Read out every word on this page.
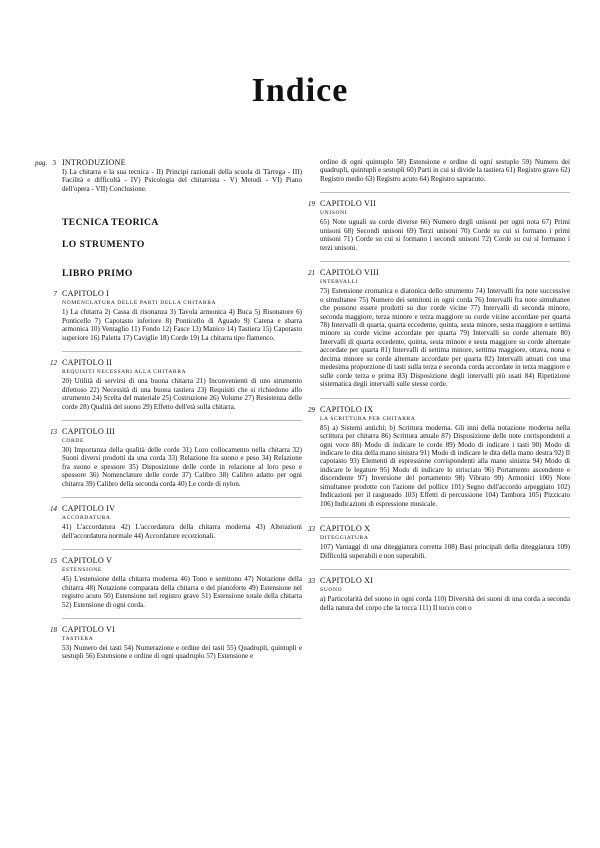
Indice
pag. 3 INTRODUZIONE
I) La chitarra e la sua tecnica - II) Principi razionali della scuola di Tàrrega - III) Facilità e difficoltà - IV) Psicologia del chitarrista - V) Metodi - VI) Piano dell'opera - VII) Conclusione.
TECNICA TEORICA
LO STRUMENTO
LIBRO PRIMO
7 CAPITOLO I
NOMENCLATURA DELLE PARTI DELLA CHITARRA
1) La chitarra 2) Cassa di risonanza 3) Tavola armonica 4) Buca 5) Risonatore 6) Ponticello 7) Capotasto inferiore 8) Ponticello di Aguado 9) Catena e sbarra armonica 10) Ventaglio 11) Fondo 12) Fasce 13) Manico 14) Tastiera 15) Capotasto superiore 16) Paletta 17) Caviglie 18) Corde 19) La chitarra tipo flamenco.
12 CAPITOLO II
REQUISITI NECESSARI ALLA CHITARRA
20) Utilità di servirsi di una buona chitarra 21) Inconvenienti di uno strumento difettoso 22) Necessità di una buona tastiera 23) Requisiti che si richiedono allo strumento 24) Scelta del materiale 25) Costruzione 26) Volume 27) Resistenza delle corde 28) Qualità del suono 29) Effetto dell'età sulla chitarra.
13 CAPITOLO III
CORDE
30) Importanza della qualità delle corde 31) Loro collocamento nella chitarra 32) Suoni diversi prodotti da una corda 33) Relazione fra suono e peso 34) Relazione fra suono e spessore 35) Disposizione delle corde in relazione al loro peso e spessore 36) Nomenclature delle corde 37) Calibro 38) Calibro adatto per ogni chitarra 39) Calibro della seconda corda 40) Le corde di nylon.
14 CAPITOLO IV
ACCORDATURA
41) L'accordatura 42) L'accordatura della chitarra moderna 43) Alterazioni dell'accordatura normale 44) Accordature eccezionali.
15 CAPITOLO V
ESTENSIONE
45) L'estensione della chitarra moderna 46) Tono e semitono 47) Notazione della chitarra 48) Notazione comparata della chitarra e del pianoforte 49) Estensione nel registro acuto 50) Estensione nel registro grave 51) Estensione totale della chitarra 52) Estensione di ogni corda.
18 CAPITOLO VI
TASTIERA
53) Numero dei tasti 54) Numerazione e ordine dei tasti 55) Quadrupli, quintupli e sestupli 56) Estensione e ordine di ogni quadruplo 57) Estensione e
ordine di ogni quintuplo 58) Estensione e ordine di ogni sestuplo 59) Numero dei quadrupli, quintupli e sestupli 60) Parti in cui si divide la tastiera 61) Registro grave 62) Registro medio 63) Registro acuto 64) Registro sapracuto.
19 CAPITOLO VII
UNISONI
65) Note uguali su corde diverse 66) Numero degli unisoni per ogni nota 67) Primi unisoni 68) Secondi unisoni 69) Terzi unisoni 70) Corde su cui si formano i primi unisoni 71) Corde su cui si formano i secondi unisoni 72) Corde su cui si formano i terzi unisoni.
21 CAPITOLO VIII
INTERVALLI
73) Estensione cromatica e diatonica dello strumento 74) Intervalli fra note successive o simultanee 75) Numero dei semitoni in ogni corda 76) Intervalli fra note simultanee che possono essere prodotti su due corde vicine 77) Intervalli di seconda minore, seconda maggiore, terza minore e terza maggiore su corde vicine accordate per quarta 78) Intervalli di quarta, quarta eccedente, quinta, sesta minore, sesta maggiore e settima minore su corde vicine accordate per quarta 79) Intervalli su corde alternate 80) Intervalli di quarta eccedente, quinta, sesta minore e sesta maggiore su corde alternate accordate per quarta 81) Intervalli di settima minore, settima maggiore, ottava, nona e decima minore su corde alternate accordate per quarta 82) Intervalli attuati con una medesima proporzione di tasti sulla terza e seconda corda accordate in terza maggiore e sulle corde terza e prima 83) Disposizione degli intervalli più usati 84) Ripetizione sistematica degli intervalli sulle stesse corde.
29 CAPITOLO IX
LA SCRITTURA PER CHITARRA
85) a) Sistemi antichi; b) Scrittura moderna. Gli inni della notazione moderna nella scrittura per chitarra 86) Scrittura attuale 87) Disposizione delle note corrispondenti a ogni voce 88) Modo di indicare le corde 89) Modo di indicare i tasti 90) Modo di indicare le dita della mano sinistra 91) Modo di indicare le dita della mano destra 92) Il capotasto 93) Elementi di espressione corrispondenti alla mano sinistra 94) Modo di indicare le legature 95) Modo di indicare lo strisciato 96) Portamento ascendente e discendente 97) Inversione del portamento 98) Vibrato 99) Armonici 100) Note simultanee prodotte con l'azione del pollice 101) Segno dell'accordo arpeggiato 102) Indicazioni per il rasgueado 103) Effetti di percussione 104) Tambora 105) Pizzicato 106) Indicazioni di espressione musicale.
33 CAPITOLO X
DITEGGIATURA
107) Vantaggi di una diteggiatura corretta 108) Basi principali della diteggiatura 109) Difficoltà superabili e non superabili.
33 CAPITOLO XI
SUONO
a) Particolarità del suono in ogni corda 110) Diversità dei suoni di una corda a seconda della natura del corpo che la tocca 111) Il tocco con o
